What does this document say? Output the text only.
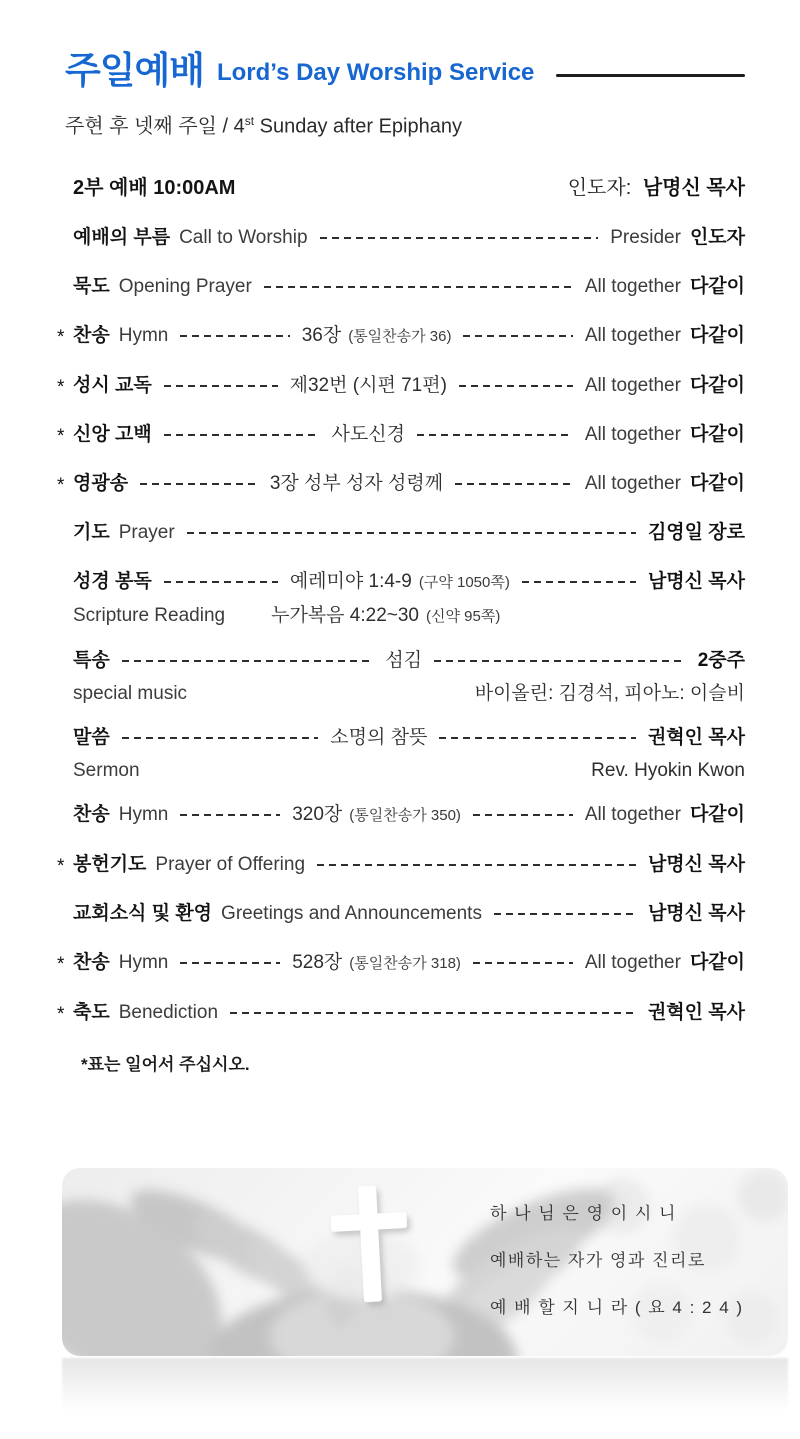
주일예배 Lord’s Day Worship Service
주현 후 넷째 주일 / 4st Sunday after Epiphany
2부 예배 10:00AM	인도자: 남명신 목사
예배의 부름 Call to Worship	Presider 인도자
묵도 Opening Prayer	All together 다같이
* 찬송 Hymn	36장 (통일찬송가 36)	All together 다같이
* 성시 교독	제32번 (시편 71편)	All together 다같이
* 신앙 고백	사도신경	All together 다같이
* 영광송	3장 성부 성자 성령께	All together 다같이
기도 Prayer	김영일 장로
성경 봉독	예레미야 1:4-9 (구약 1050쪽)	남명신 목사
Scripture Reading 누가복음 4:22~30 (신약 95쪽)
특송	섬김	2중주
special music	바이올린: 김경석, 피아노: 이슬비
말씀	소명의 참뜻	권혁인 목사
Sermon	Rev. Hyokin Kwon
찬송 Hymn	320장 (통일찬송가 350)	All together 다같이
* 봉헌기도 Prayer of Offering	남명신 목사
교회소식 및 환영 Greetings and Announcements	남명신 목사
* 찬송 Hymn	528장 (통일찬송가 318)	All together 다같이
* 축도 Benediction	권혁인 목사
*표는 일어서 주십시오.
하 나 님 은 영 이 시 니
예배하는 자가 영과 진리로
예 배 할 지 니 라 ( 요 4 : 2 4 )
